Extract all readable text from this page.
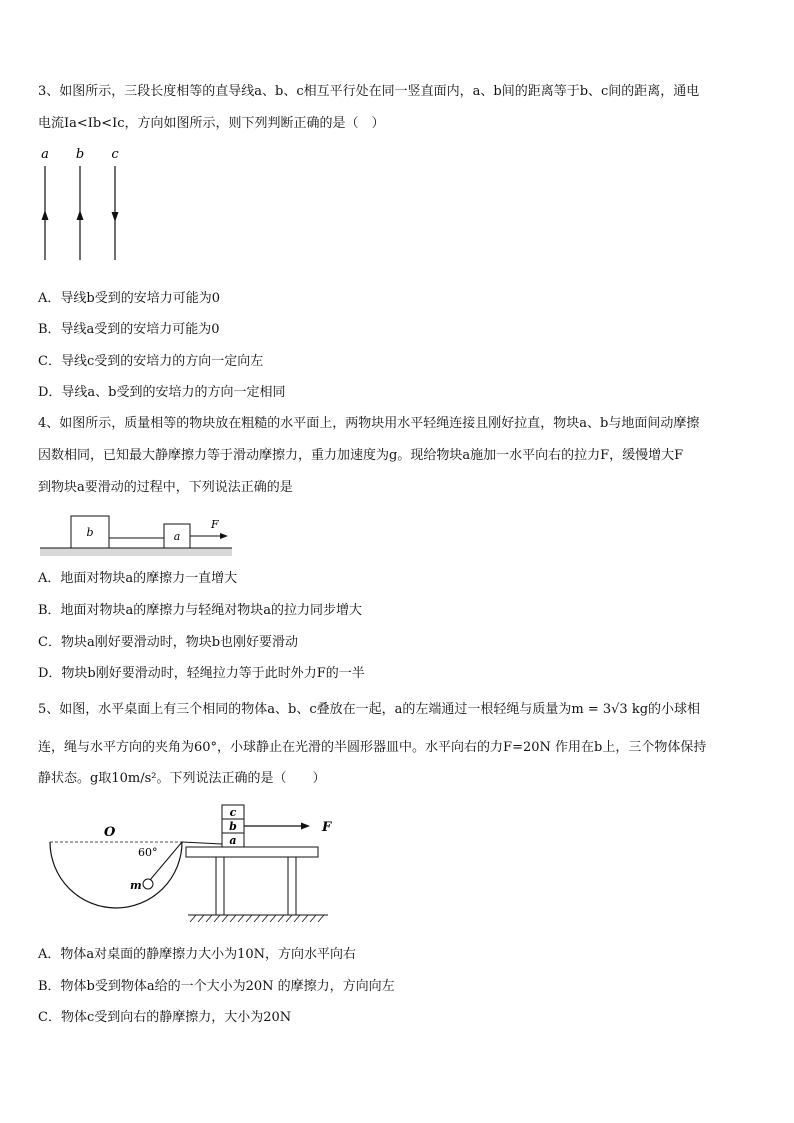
3、如图所示，三段长度相等的直导线a、b、c相互平行处在同一竖直面内，a、b间的距离等于b、c间的距离，通电
电流Ia<Ib<Ic，方向如图所示，则下列判断正确的是（　）
a b c
A．导线b受到的安培力可能为0
B．导线a受到的安培力可能为0
C．导线c受到的安培力的方向一定向左
D．导线a、b受到的安培力的方向一定相同
4、如图所示，质量相等的物块放在粗糙的水平面上，两物块用水平轻绳连接且刚好拉直，物块a、b与地面间动摩擦
因数相同，已知最大静摩擦力等于滑动摩擦力，重力加速度为g。现给物块a施加一水平向右的拉力F，缓慢增大F
到物块a要滑动的过程中，下列说法正确的是
b	a
F
A．地面对物块a的摩擦力一直增大
B．地面对物块a的摩擦力与轻绳对物块a的拉力同步增大
C．物块a刚好要滑动时，物块b也刚好要滑动
D．物块b刚好要滑动时，轻绳拉力等于此时外力F的一半
5、如图，水平桌面上有三个相同的物体a、b、c叠放在一起，a的左端通过一根轻绳与质量为m = 3√3 kg的小球相
连，绳与水平方向的夹角为60°，小球静止在光滑的半圆形器皿中。水平向右的力F=20N 作用在b上，三个物体保持
静状态。g取10m/s²。下列说法正确的是（　　）
O
60°
m
c
b
a
F
A．物体a对桌面的静摩擦力大小为10N，方向水平向右
B．物体b受到物体a给的一个大小为20N 的摩擦力，方向向左
C．物体c受到向右的静摩擦力，大小为20N
